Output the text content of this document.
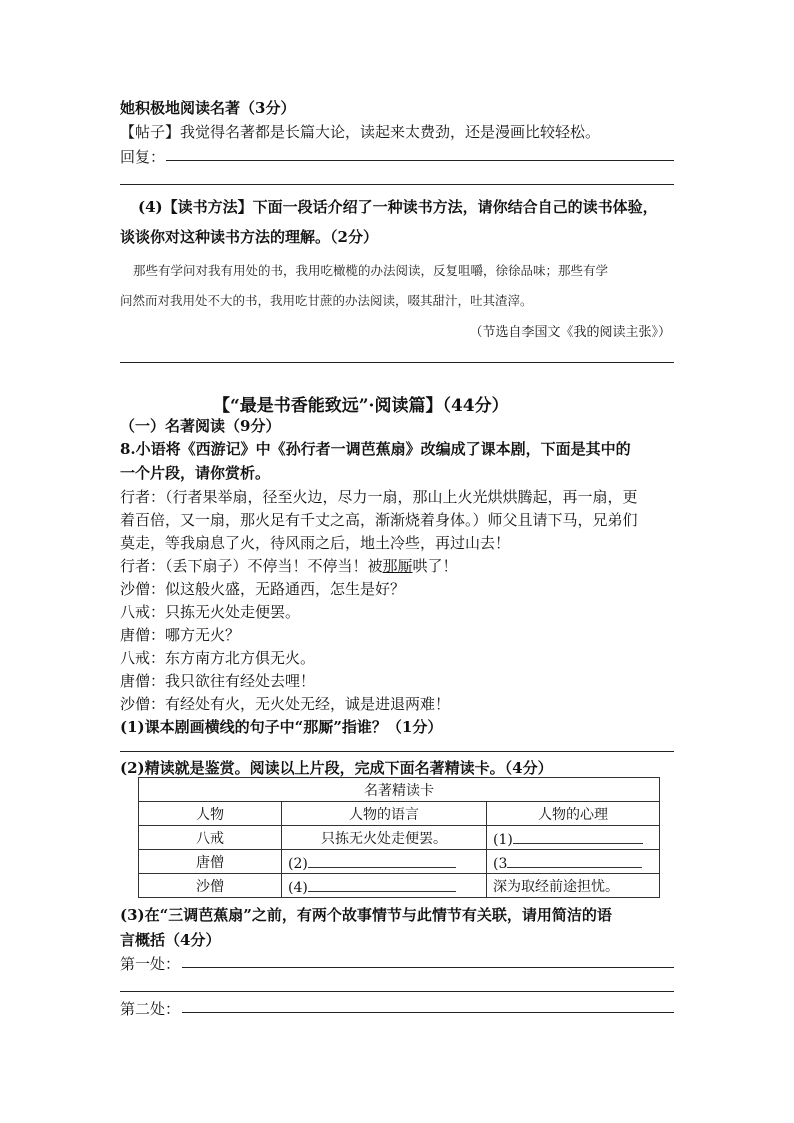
她积极地阅读名著（3分）
【帖子】我觉得名著都是长篇大论，读起来太费劲，还是漫画比较轻松。
回复：
(4)【读书方法】下面一段话介绍了一种读书方法，请你结合自己的读书体验，
谈谈你对这种读书方法的理解。（2分）
那些有学问对我有用处的书，我用吃橄榄的办法阅读，反复咀嚼，徐徐品味；那些有学
问然而对我用处不大的书，我用吃甘蔗的办法阅读，啜其甜汁，吐其渣滓。
（节选自李国文《我的阅读主张》）
【“最是书香能致远”·阅读篇】（44分）
（一）名著阅读（9分）
8.小语将《西游记》中《孙行者一调芭蕉扇》改编成了课本剧，下面是其中的
一个片段，请你赏析。
行者：（行者果举扇，径至火边，尽力一扇，那山上火光烘烘腾起，再一扇，更
着百倍，又一扇，那火足有千丈之高，渐渐烧着身体。）师父且请下马，兄弟们
莫走，等我扇息了火，待风雨之后，地土冷些，再过山去！
行者：（丢下扇子）不停当！不停当！被那厮哄了！
沙僧：似这般火盛，无路通西，怎生是好？
八戒：只拣无火处走便罢。
唐僧：哪方无火？
八戒：东方南方北方俱无火。
唐僧：我只欲往有经处去哩！
沙僧：有经处有火，无火处无经，诚是进退两难！
(1)课本剧画横线的句子中“那厮”指谁？（1分）
(2)精读就是鉴赏。阅读以上片段，完成下面名著精读卡。（4分）
名著精读卡		
人物	人物的语言	人物的心理
八戒	只拣无火处走便罢。	(1)
唐僧	(2)	(3
沙僧	(4)	深为取经前途担忧。
(3)在“三调芭蕉扇”之前，有两个故事情节与此情节有关联，请用简洁的语
言概括（4分）
第一处：
第二处：
